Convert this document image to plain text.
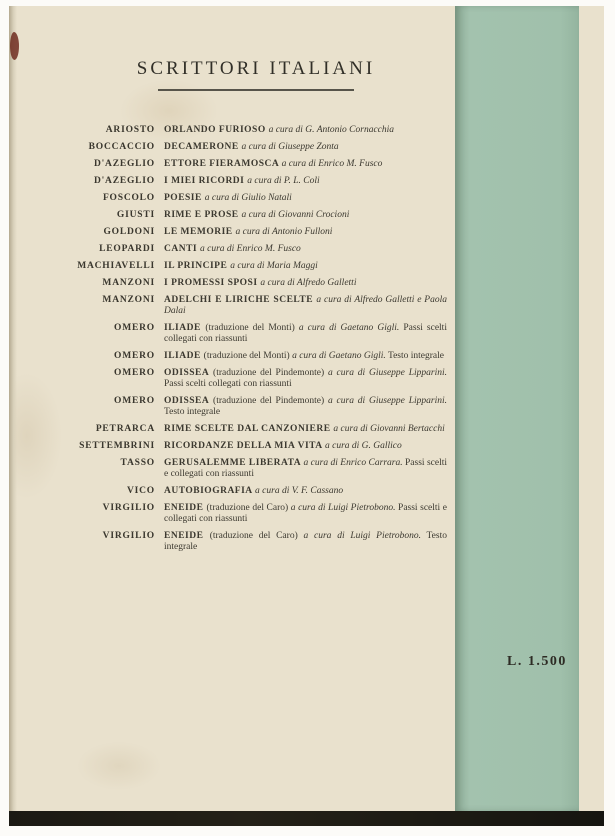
SCRITTORI ITALIANI
ARIOSTO ORLANDO FURIOSO a cura di G. Antonio Cornacchia
BOCCACCIO DECAMERONE a cura di Giuseppe Zonta
D'AZEGLIO ETTORE FIERAMOSCA a cura di Enrico M. Fusco
D'AZEGLIO I MIEI RICORDI a cura di P. L. Coli
FOSCOLO POESIE a cura di Giulio Natali
GIUSTI RIME E PROSE a cura di Giovanni Crocioni
GOLDONI LE MEMORIE a cura di Antonio Fulloni
LEOPARDI CANTI a cura di Enrico M. Fusco
MACHIAVELLI IL PRINCIPE a cura di Maria Maggi
MANZONI I PROMESSI SPOSI a cura di Alfredo Galletti
MANZONI ADELCHI E LIRICHE SCELTE a cura di Alfredo Galletti e Paola Dalai
OMERO ILIADE (traduzione del Monti) a cura di Gaetano Gigli. Passi scelti collegati con riassunti
OMERO ILIADE (traduzione del Monti) a cura di Gaetano Gigli. Testo integrale
OMERO ODISSEA (traduzione del Pindemonte) a cura di Giuseppe Lipparini. Passi scelti collegati con riassunti
OMERO ODISSEA (traduzione del Pindemonte) a cura di Giuseppe Lipparini. Testo integrale
PETRARCA RIME SCELTE DAL CANZONIERE a cura di Giovanni Bertacchi
SETTEMBRINI RICORDANZE DELLA MIA VITA a cura di G. Gallico
TASSO GERUSALEMME LIBERATA a cura di Enrico Carrara. Passi scelti e collegati con riassunti
VICO AUTOBIOGRAFIA a cura di V. F. Cassano
VIRGILIO ENEIDE (traduzione del Caro) a cura di Luigi Pietrobono. Passi scelti e collegati con riassunti
VIRGILIO ENEIDE (traduzione del Caro) a cura di Luigi Pietrobono. Testo integrale
L. 1.500
